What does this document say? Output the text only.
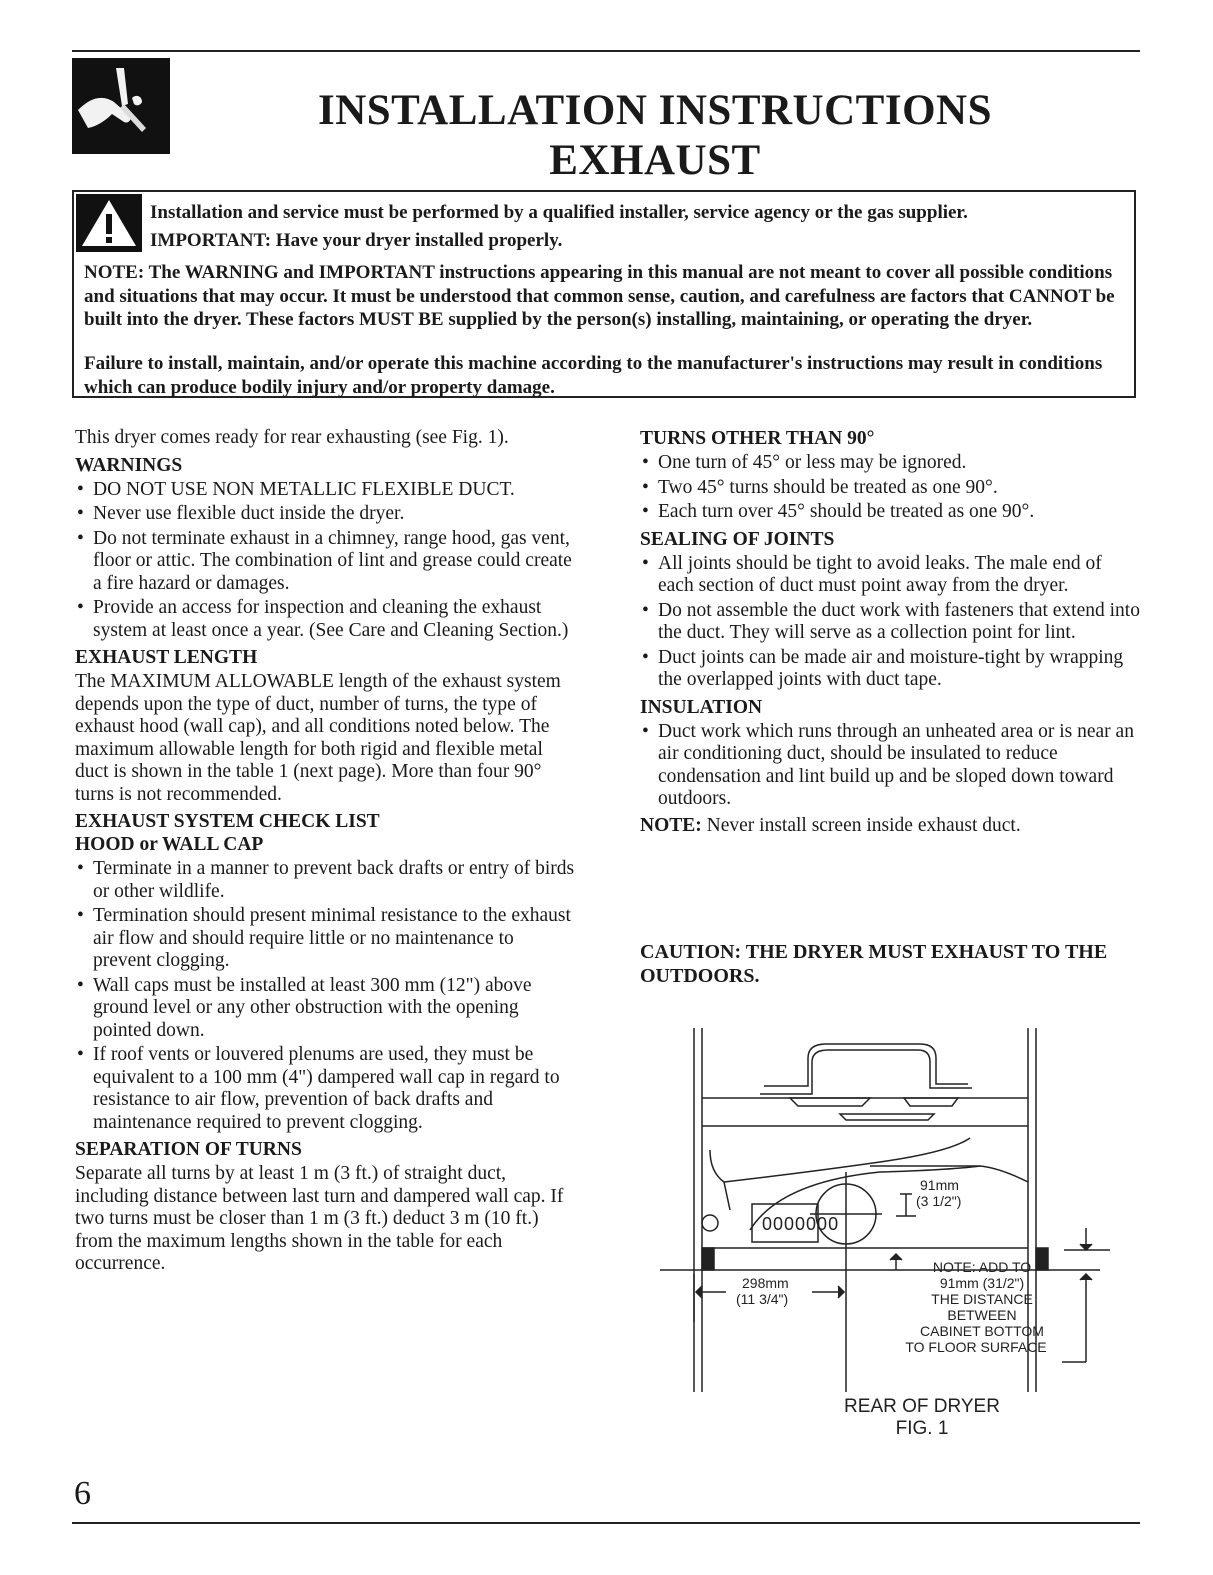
INSTALLATION INSTRUCTIONS
EXHAUST
Installation and service must be performed by a qualified installer, service agency or the gas supplier.
IMPORTANT: Have your dryer installed properly.
NOTE: The WARNING and IMPORTANT instructions appearing in this manual are not meant to cover all possible conditions and situations that may occur. It must be understood that common sense, caution, and carefulness are factors that CANNOT be built into the dryer. These factors MUST BE supplied by the person(s) installing, maintaining, or operating the dryer.
Failure to install, maintain, and/or operate this machine according to the manufacturer's instructions may result in conditions which can produce bodily injury and/or property damage.

This dryer comes ready for rear exhausting (see Fig. 1).

WARNINGS
• DO NOT USE NON METALLIC FLEXIBLE DUCT.
• Never use flexible duct inside the dryer.
• Do not terminate exhaust in a chimney, range hood, gas vent, floor or attic. The combination of lint and grease could create a fire hazard or damages.
• Provide an access for inspection and cleaning the exhaust system at least once a year. (See Care and Cleaning Section.)
EXHAUST LENGTH

The MAXIMUM ALLOWABLE length of the exhaust system depends upon the type of duct, number of turns, the type of exhaust hood (wall cap), and all conditions noted below. The maximum allowable length for both rigid and flexible metal duct is shown in the table 1 (next page). More than four 90° turns is not recommended.

EXHAUST SYSTEM CHECK LIST
HOOD or WALL CAP
• Terminate in a manner to prevent back drafts or entry of birds or other wildlife.
• Termination should present minimal resistance to the exhaust air flow and should require little or no maintenance to prevent clogging.
• Wall caps must be installed at least 300 mm (12") above ground level or any other obstruction with the opening pointed down.
• If roof vents or louvered plenums are used, they must be equivalent to a 100 mm (4") dampered wall cap in regard to resistance to air flow, prevention of back drafts and maintenance required to prevent clogging.
SEPARATION OF TURNS

Separate all turns by at least 1 m (3 ft.) of straight duct, including distance between last turn and dampered wall cap. If two turns must be closer than 1 m (3 ft.) deduct 3 m (10 ft.) from the maximum lengths shown in the table for each occurrence.

TURNS OTHER THAN 90°
• One turn of 45° or less may be ignored.
• Two 45° turns should be treated as one 90°.
• Each turn over 45° should be treated as one 90°.
SEALING OF JOINTS
• All joints should be tight to avoid leaks. The male end of each section of duct must point away from the dryer.
• Do not assemble the duct work with fasteners that extend into the duct. They will serve as a collection point for lint.
• Duct joints can be made air and moisture-tight by wrapping the overlapped joints with duct tape.
INSULATION
• Duct work which runs through an unheated area or is near an air conditioning duct, should be insulated to reduce condensation and lint build up and be sloped down toward outdoors.

NOTE: Never install screen inside exhaust duct.

CAUTION: THE DRYER MUST EXHAUST TO THE OUTDOORS.
0000000
91mm
(3 1/2")
298mm
(11 3/4")
NOTE: ADD TO
91mm (31/2")
THE DISTANCE
BETWEEN
CABINET BOTTOM
TO FLOOR SURFACE
REAR OF DRYER
FIG. 1
6
